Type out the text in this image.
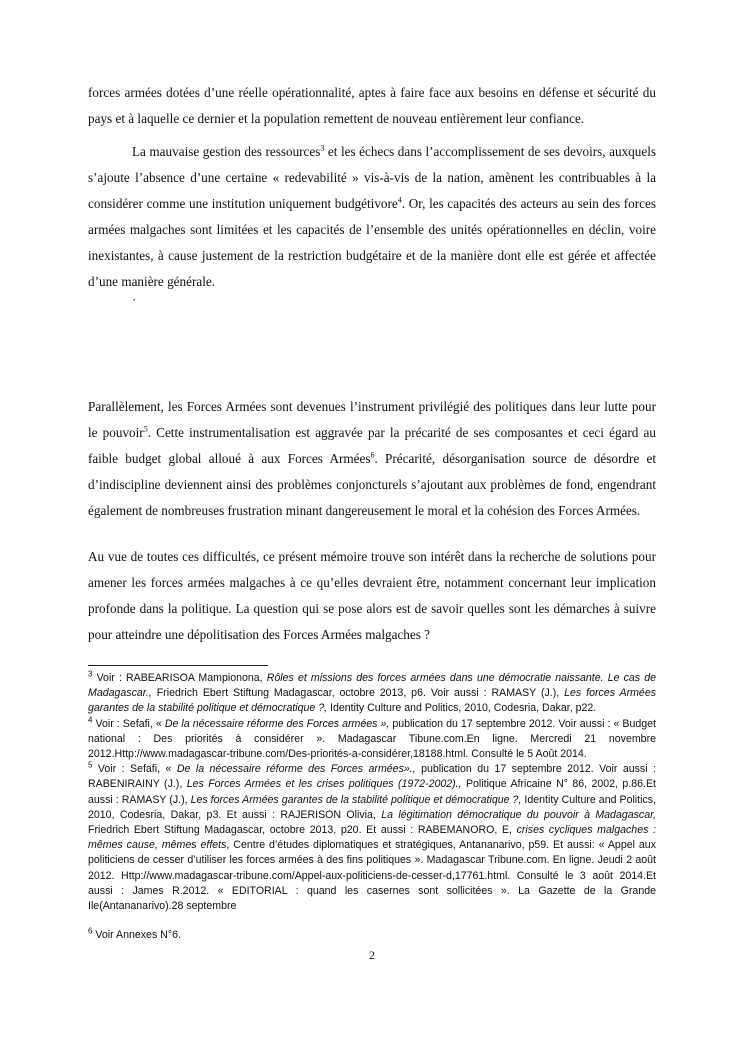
forces armées dotées d’une réelle opérationnalité, aptes à faire face aux besoins en défense et sécurité du pays et à laquelle ce dernier et la population remettent de nouveau entièrement leur confiance.

La mauvaise gestion des ressources$^3$ et les échecs dans l’accomplissement de ses devoirs, auxquels s’ajoute l’absence d’une certaine « redevabilité » vis-à-vis de la nation, amènent les contribuables à la considérer comme une institution uniquement budgétivore$^4$. Or, les capacités des acteurs au sein des forces armées malgaches sont limitées et les capacités de l’ensemble des unités opérationnelles en déclin, voire inexistantes, à cause justement de la restriction budgétaire et de la manière dont elle est gérée et affectée d’une manière générale.

·

Parallèlement, les Forces Armées sont devenues l’instrument privilégié des politiques dans leur lutte pour le pouvoir$^5$. Cette instrumentalisation est aggravée par la précarité de ses composantes et ceci égard au faible budget global alloué à aux Forces Armées$^6$. Précarité, désorganisation source de désordre et d’indiscipline deviennent ainsi des problèmes conjoncturels s’ajoutant aux problèmes de fond, engendrant également de nombreuses frustration minant dangereusement le moral et la cohésion des Forces Armées.

Au vue de toutes ces difficultés, ce présent mémoire trouve son intérêt dans la recherche de solutions pour amener les forces armées malgaches à ce qu’elles devraient être, notamment concernant leur implication profonde dans la politique. La question qui se pose alors est de savoir quelles sont les démarches à suivre pour atteindre une dépolitisation des Forces Armées malgaches ?

$^3$ Voir : RABEARISOA Mampionona, Rôles et missions des forces armées dans une démocratie naissante. Le cas de Madagascar., Friedrich Ebert Stiftung Madagascar, octobre 2013, p6. Voir aussi : RAMASY (J.), Les forces Armées garantes de la stabilité politique et démocratique ?, Identity Culture and Politics, 2010, Codesria, Dakar, p22.

$^4$ Voir : Sefafi, « De la nécessaire réforme des Forces armées », publication du 17 septembre 2012. Voir aussi : « Budget national : Des priorités à considérer ». Madagascar Tibune.com.En ligne. Mercredi 21 novembre 2012.Http://www.madagascar-tribune.com/Des-priorités-a-considérer,18188.html. Consulté le 5 Août 2014.

$^5$ Voir : Sefafi, « De la nécessaire réforme des Forces armées»., publication du 17 septembre 2012. Voir aussi : RABENIRAINY (J.), Les Forces Armées et les crises politiques (1972-2002)., Politique Africaine N° 86, 2002, p.86.Et aussi : RAMASY (J.), Les forces Armées garantes de la stabilité politique et démocratique ?, Identity Culture and Politics, 2010, Codesria, Dakar, p3. Et aussi : RAJERISON Olivia, La légitimation démocratique du pouvoir à Madagascar, Friedrich Ebert Stiftung Madagascar, octobre 2013, p20. Et aussi : RABEMANORO, E, crises cycliques malgaches : mêmes cause, mêmes effets, Centre d’études diplomatiques et stratégiques, Antananarivo, p59. Et aussi: « Appel aux politiciens de cesser d’utiliser les forces armées à des fins politiques ». Madagascar Tribune.com. En ligne. Jeudi 2 août 2012. Http://www.madagascar-tribune.com/Appel-aux-politiciens-de-cesser-d,17761.html. Consulté le 3 août 2014.Et aussi : James R.2012. « EDITORIAL : quand les casernes sont sollicitées ». La Gazette de la Grande Ile(Antananarivo).28 septembre

$^6$ Voir Annexes N°6.

2
